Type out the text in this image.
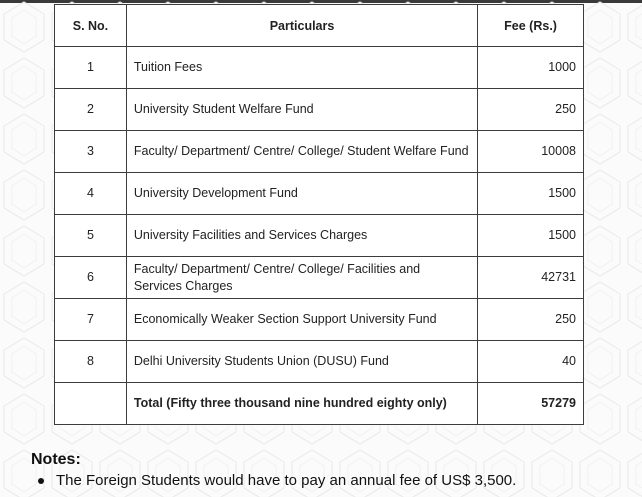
S. No.	Particulars	Fee (Rs.)
1	Tuition Fees	1000
2	University Student Welfare Fund	250
3	Faculty/ Department/ Centre/ College/ Student Welfare Fund	10008
4	University Development Fund	1500
5	University Facilities and Services Charges	1500
6	Faculty/ Department/ Centre/ College/ Facilities and Services Charges	42731
7	Economically Weaker Section Support University Fund	250
8	Delhi University Students Union (DUSU) Fund	40
	Total (Fifty three thousand nine hundred eighty only)	57279
Notes:
The Foreign Students would have to pay an annual fee of US$ 3,500.
